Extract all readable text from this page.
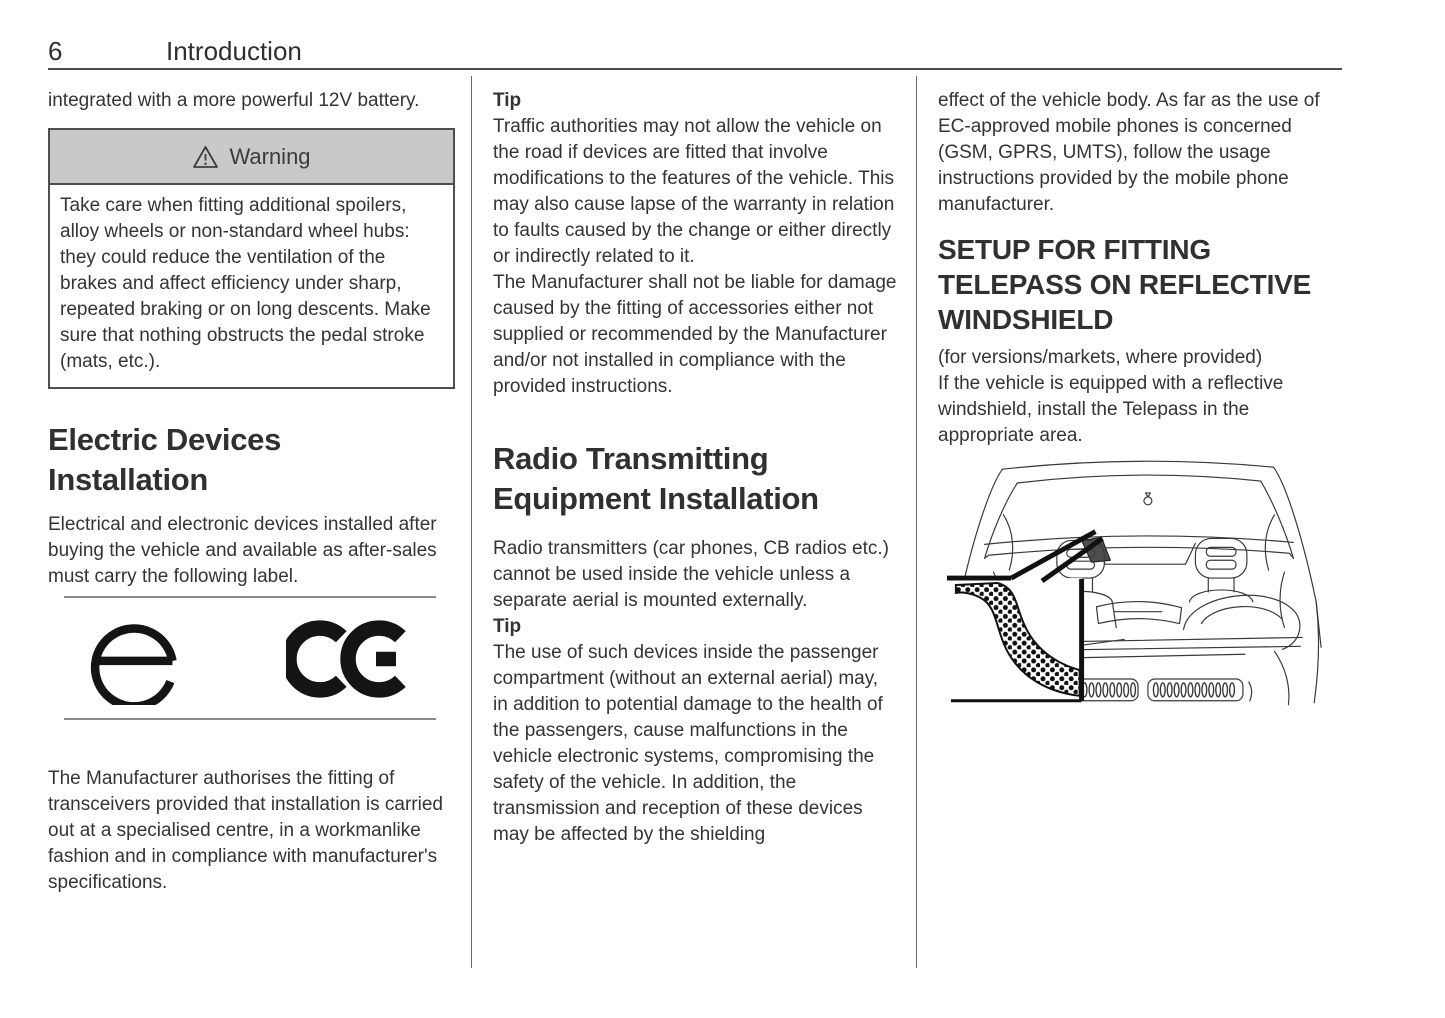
6	Introduction

integrated with a more powerful 12V battery.

Warning
Take care when fitting additional spoilers, alloy wheels or non-standard wheel hubs: they could reduce the ventilation of the brakes and affect efficiency under sharp, repeated braking or on long descents. Make sure that nothing obstructs the pedal stroke (mats, etc.).
Electric Devices Installation

Electrical and electronic devices installed after buying the vehicle and available as after-sales must carry the following label.

The Manufacturer authorises the fitting of transceivers provided that installation is carried out at a specialised centre, in a workmanlike fashion and in compliance with manufacturer's specifications.

Tip

Traffic authorities may not allow the vehicle on the road if devices are fitted that involve modifications to the features of the vehicle. This may also cause lapse of the warranty in relation to faults caused by the change or either directly or indirectly related to it.

The Manufacturer shall not be liable for damage caused by the fitting of accessories either not supplied or recommended by the Manufacturer and/or not installed in compliance with the provided instructions.

Radio Transmitting Equipment Installation

Radio transmitters (car phones, CB radios etc.) cannot be used inside the vehicle unless a separate aerial is mounted externally.

Tip

The use of such devices inside the passenger compartment (without an external aerial) may, in addition to potential damage to the health of the passengers, cause malfunctions in the vehicle electronic systems, compromising the safety of the vehicle. In addition, the transmission and reception of these devices may be affected by the shielding

effect of the vehicle body. As far as the use of EC-approved mobile phones is concerned (GSM, GPRS, UMTS), follow the usage instructions provided by the mobile phone manufacturer.

SETUP FOR FITTING TELEPASS ON REFLECTIVE WINDSHIELD

(for versions/markets, where provided)

If the vehicle is equipped with a reflective windshield, install the Telepass in the appropriate area.
